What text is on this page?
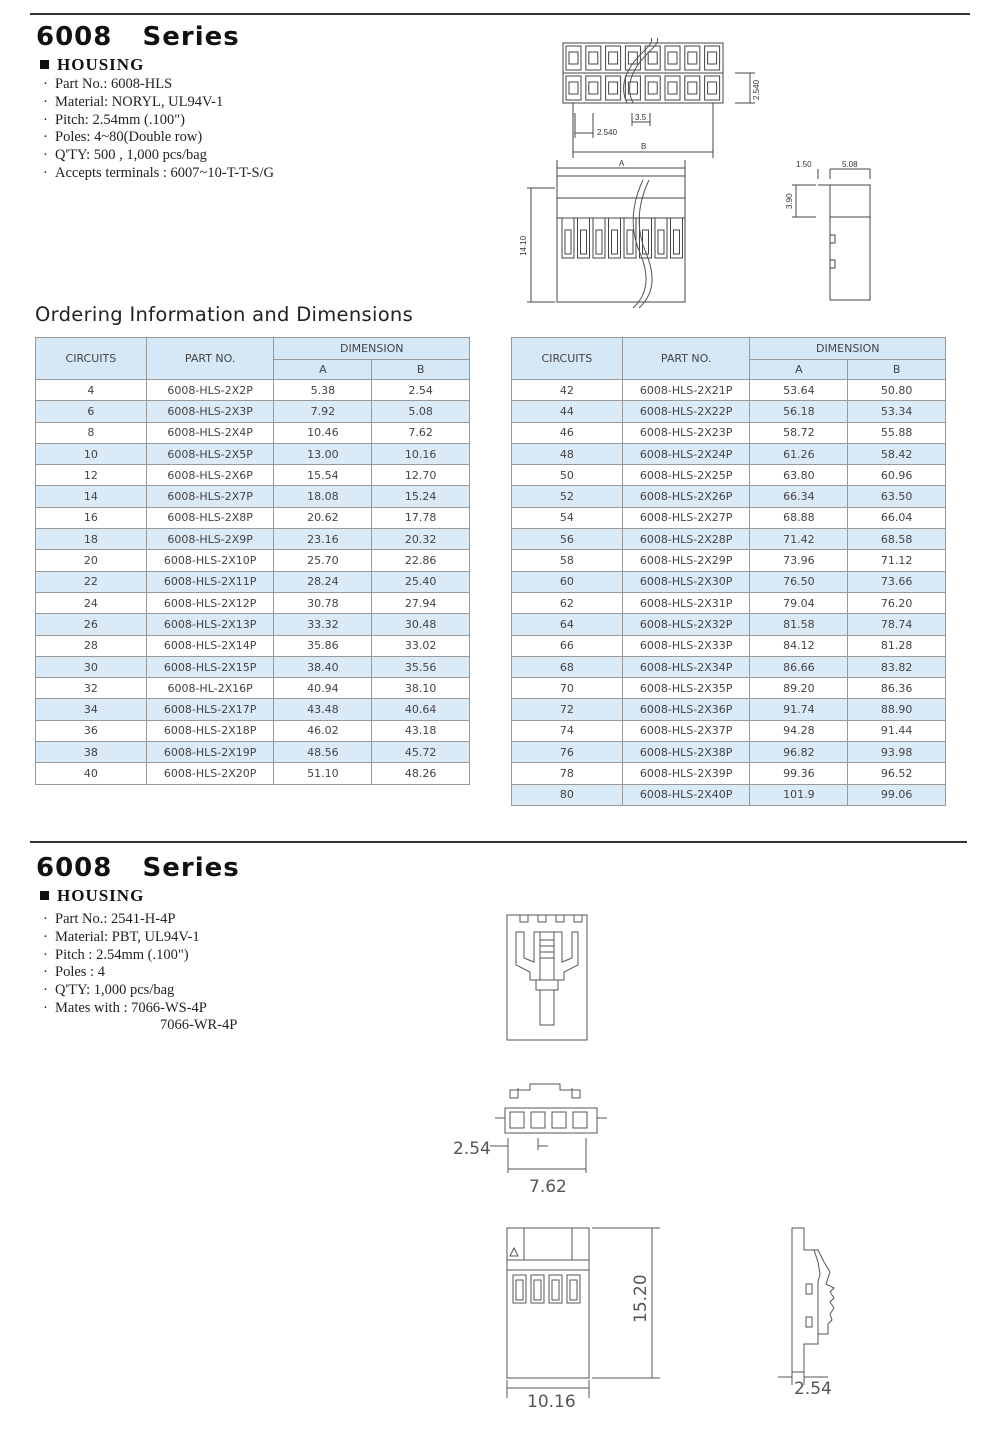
6008   Series
HOUSING
· Part No.: 6008-HLS
· Material: NORYL, UL94V-1
· Pitch: 2.54mm (.100")
· Poles: 4~80(Double row)
· Q'TY: 500 , 1,000 pcs/bag
· Accepts terminals : 6007~10-T-T-S/G
2.540
3.5
2.540
B
A
14.10
1.50	5.08
3.90
Ordering Information and Dimensions
CIRCUITS	PART NO.	DIMENSION	
		A	B
4	6008-HLS-2X2P	5.38	2.54
6	6008-HLS-2X3P	7.92	5.08
8	6008-HLS-2X4P	10.46	7.62
10	6008-HLS-2X5P	13.00	10.16
12	6008-HLS-2X6P	15.54	12.70
14	6008-HLS-2X7P	18.08	15.24
16	6008-HLS-2X8P	20.62	17.78
18	6008-HLS-2X9P	23.16	20.32
20	6008-HLS-2X10P	25.70	22.86
22	6008-HLS-2X11P	28.24	25.40
24	6008-HLS-2X12P	30.78	27.94
26	6008-HLS-2X13P	33.32	30.48
28	6008-HLS-2X14P	35.86	33.02
30	6008-HLS-2X15P	38.40	35.56
32	6008-HL-2X16P	40.94	38.10
34	6008-HLS-2X17P	43.48	40.64
36	6008-HLS-2X18P	46.02	43.18
38	6008-HLS-2X19P	48.56	45.72
40	6008-HLS-2X20P	51.10	48.26
CIRCUITS	PART NO.	DIMENSION	
		A	B
42	6008-HLS-2X21P	53.64	50.80
44	6008-HLS-2X22P	56.18	53.34
46	6008-HLS-2X23P	58.72	55.88
48	6008-HLS-2X24P	61.26	58.42
50	6008-HLS-2X25P	63.80	60.96
52	6008-HLS-2X26P	66.34	63.50
54	6008-HLS-2X27P	68.88	66.04
56	6008-HLS-2X28P	71.42	68.58
58	6008-HLS-2X29P	73.96	71.12
60	6008-HLS-2X30P	76.50	73.66
62	6008-HLS-2X31P	79.04	76.20
64	6008-HLS-2X32P	81.58	78.74
66	6008-HLS-2X33P	84.12	81.28
68	6008-HLS-2X34P	86.66	83.82
70	6008-HLS-2X35P	89.20	86.36
72	6008-HLS-2X36P	91.74	88.90
74	6008-HLS-2X37P	94.28	91.44
76	6008-HLS-2X38P	96.82	93.98
78	6008-HLS-2X39P	99.36	96.52
80	6008-HLS-2X40P	101.9	99.06
6008   Series
HOUSING
· Part No.: 2541-H-4P
· Material: PBT, UL94V-1
· Pitch : 2.54mm (.100")
· Poles : 4
· Q'TY: 1,000 pcs/bag
· Mates with : 7066-WS-4P
7066-WR-4P
2.54
7.62
15.20
10.16
2.54
